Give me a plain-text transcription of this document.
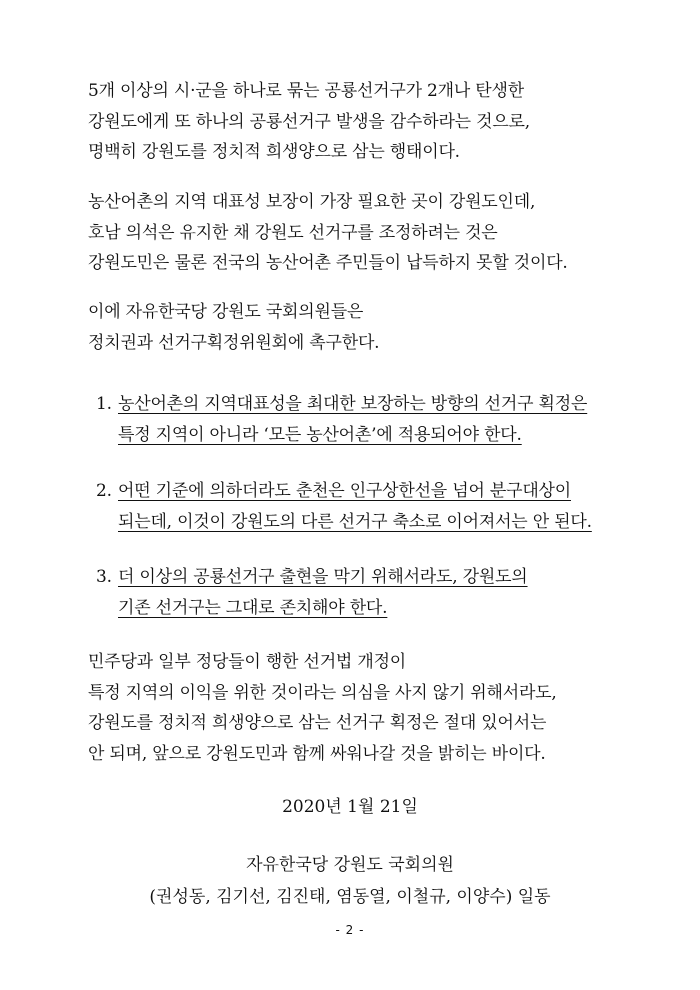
5개 이상의 시·군을 하나로 묶는 공룡선거구가 2개나 탄생한
강원도에게 또 하나의 공룡선거구 발생을 감수하라는 것으로,
명백히 강원도를 정치적 희생양으로 삼는 행태이다.
농산어촌의 지역 대표성 보장이 가장 필요한 곳이 강원도인데,
호남 의석은 유지한 채 강원도 선거구를 조정하려는 것은
강원도민은 물론 전국의 농산어촌 주민들이 납득하지 못할 것이다.
이에 자유한국당 강원도 국회의원들은
정치권과 선거구획정위원회에 촉구한다.
1. 농산어촌의 지역대표성을 최대한 보장하는 방향의 선거구 획정은
특정 지역이 아니라 ‘모든 농산어촌’에 적용되어야 한다.
2. 어떤 기준에 의하더라도 춘천은 인구상한선을 넘어 분구대상이
되는데, 이것이 강원도의 다른 선거구 축소로 이어져서는 안 된다.
3. 더 이상의 공룡선거구 출현을 막기 위해서라도, 강원도의
기존 선거구는 그대로 존치해야 한다.
민주당과 일부 정당들이 행한 선거법 개정이
특정 지역의 이익을 위한 것이라는 의심을 사지 않기 위해서라도,
강원도를 정치적 희생양으로 삼는 선거구 획정은 절대 있어서는
안 되며, 앞으로 강원도민과 함께 싸워나갈 것을 밝히는 바이다.
2020년 1월 21일
자유한국당 강원도 국회의원
(권성동, 김기선, 김진태, 염동열, 이철규, 이양수) 일동
- 2 -
